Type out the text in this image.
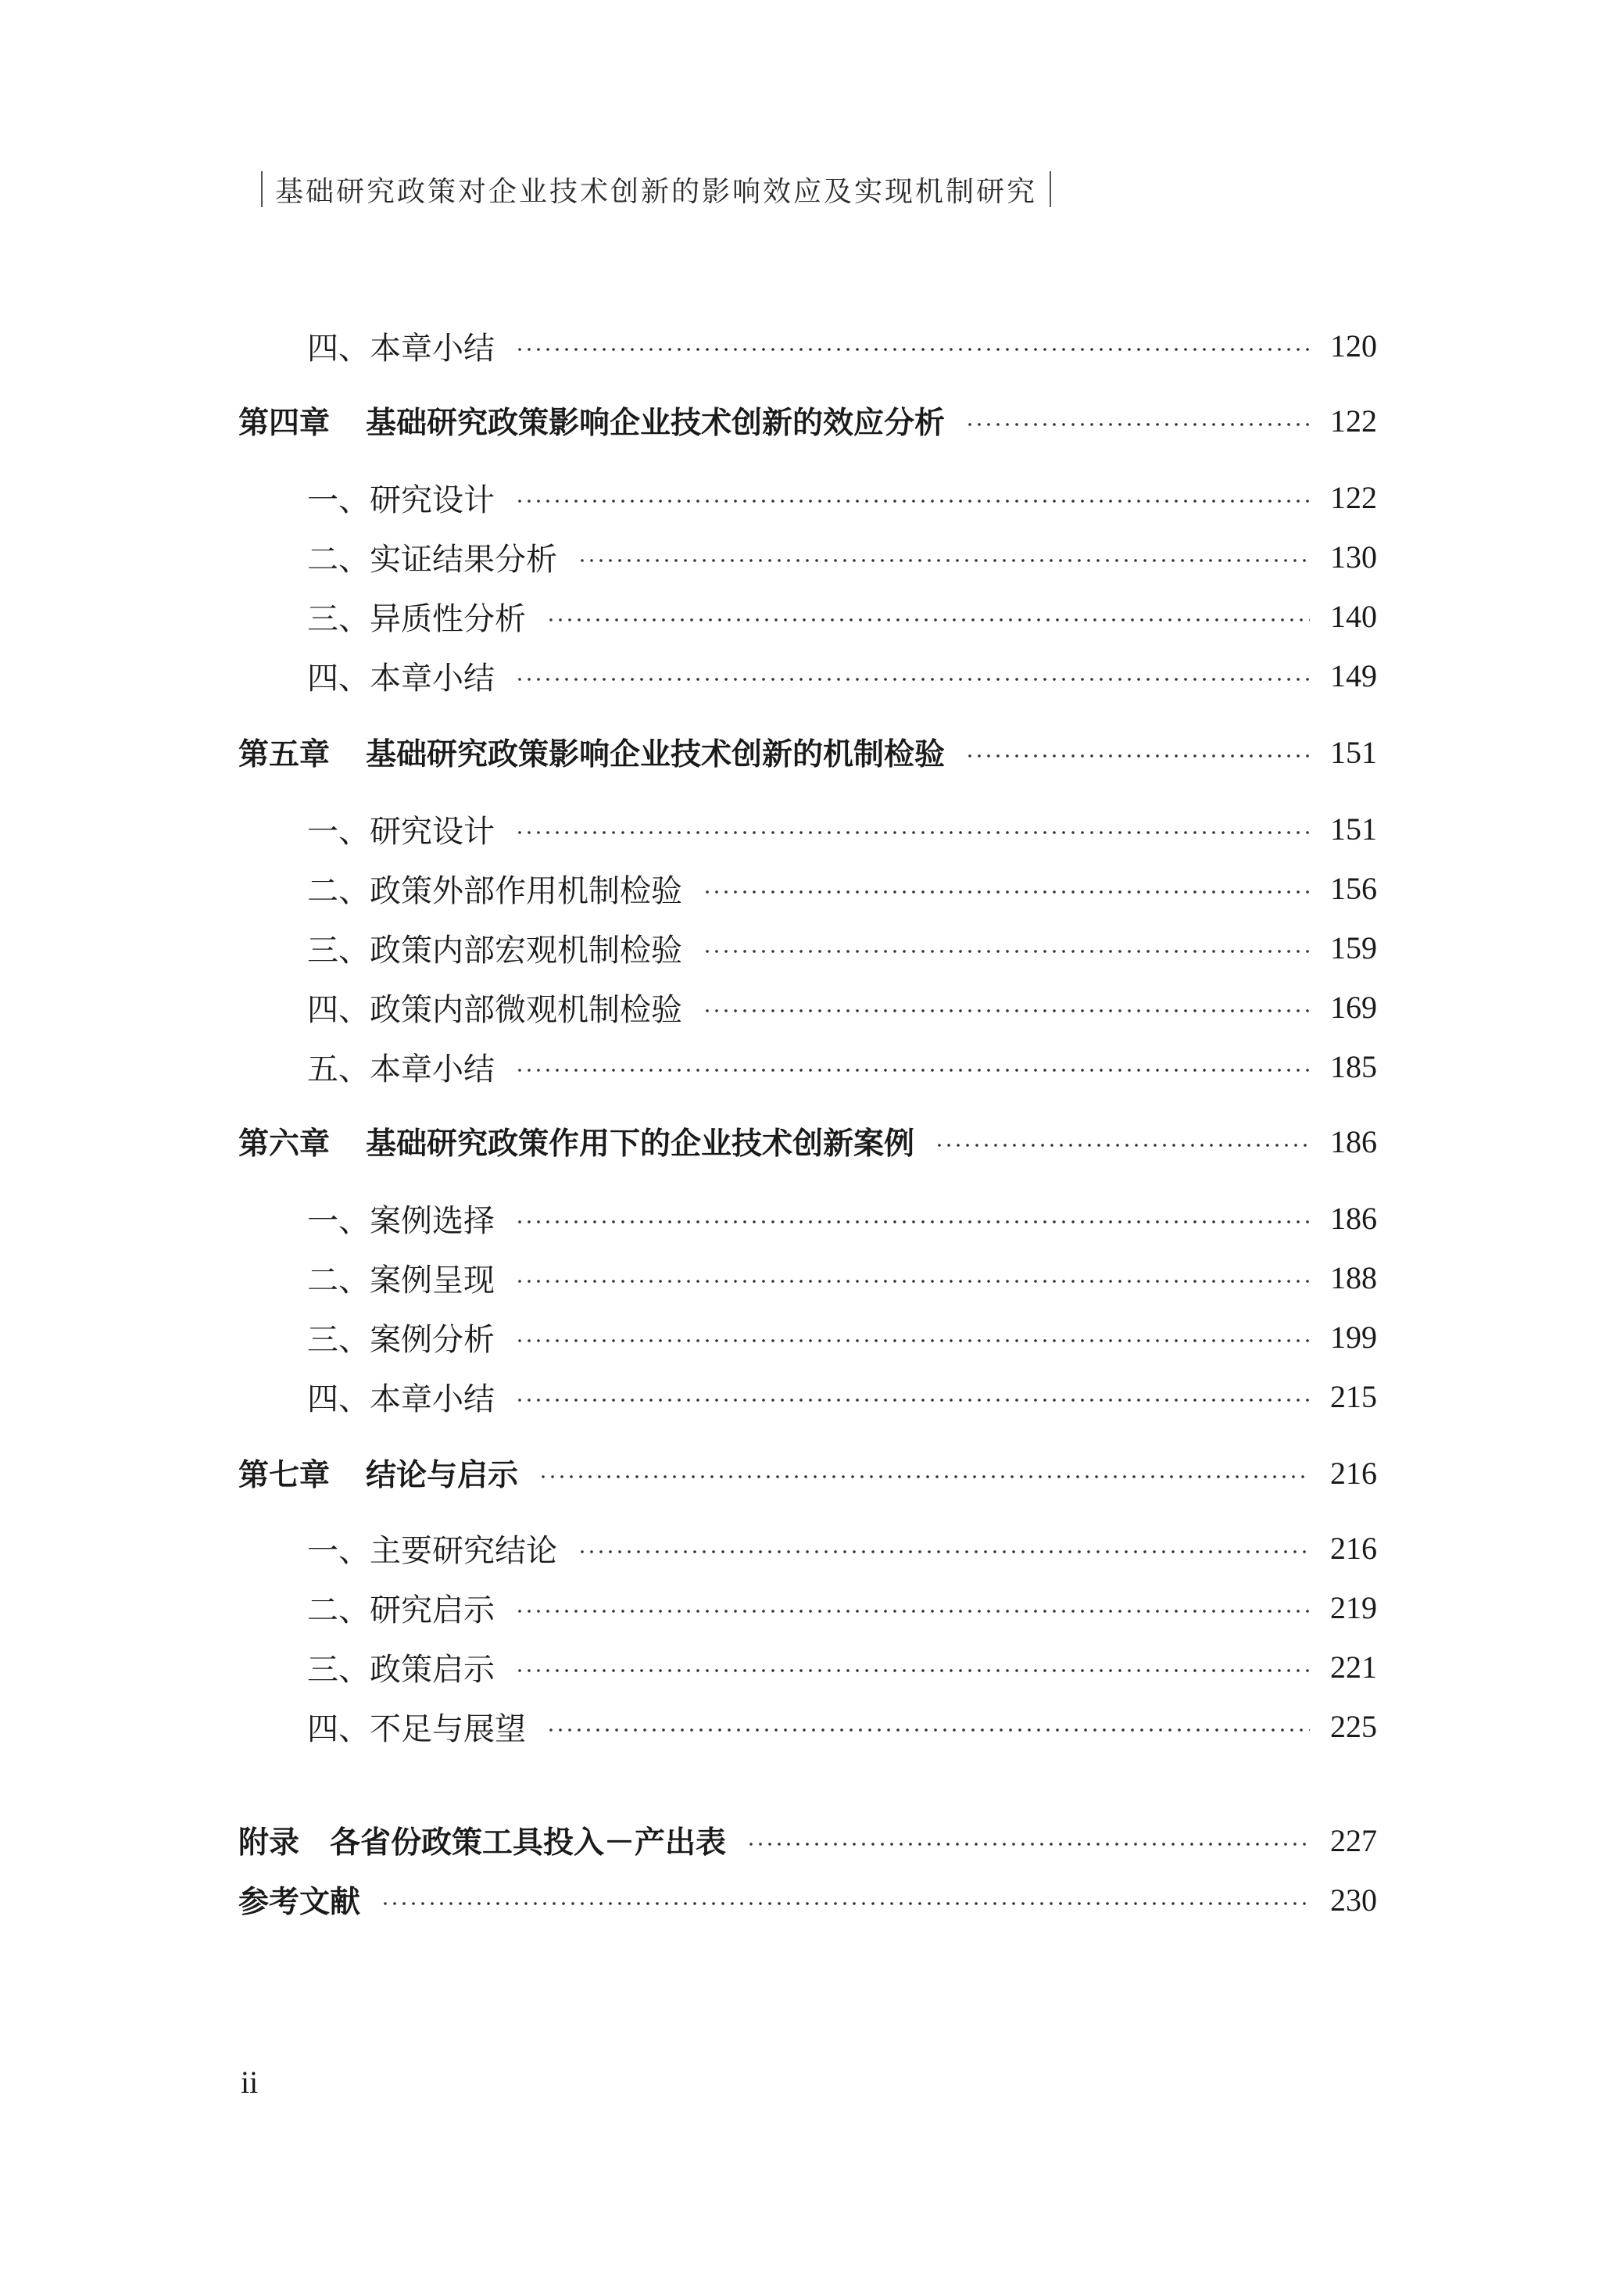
基础研究政策对企业技术创新的影响效应及实现机制研究
四、本章小结	120
第四章 基础研究政策影响企业技术创新的效应分析	122
一、研究设计	122
二、实证结果分析	130
三、异质性分析	140
四、本章小结	149
第五章 基础研究政策影响企业技术创新的机制检验	151
一、研究设计	151
二、政策外部作用机制检验	156
三、政策内部宏观机制检验	159
四、政策内部微观机制检验	169
五、本章小结	185
第六章 基础研究政策作用下的企业技术创新案例	186
一、案例选择	186
二、案例呈现	188
三、案例分析	199
四、本章小结	215
第七章 结论与启示	216
一、主要研究结论	216
二、研究启示	219
三、政策启示	221
四、不足与展望	225
附录　各省份政策工具投入－产出表	227
参考文献	230
ii
